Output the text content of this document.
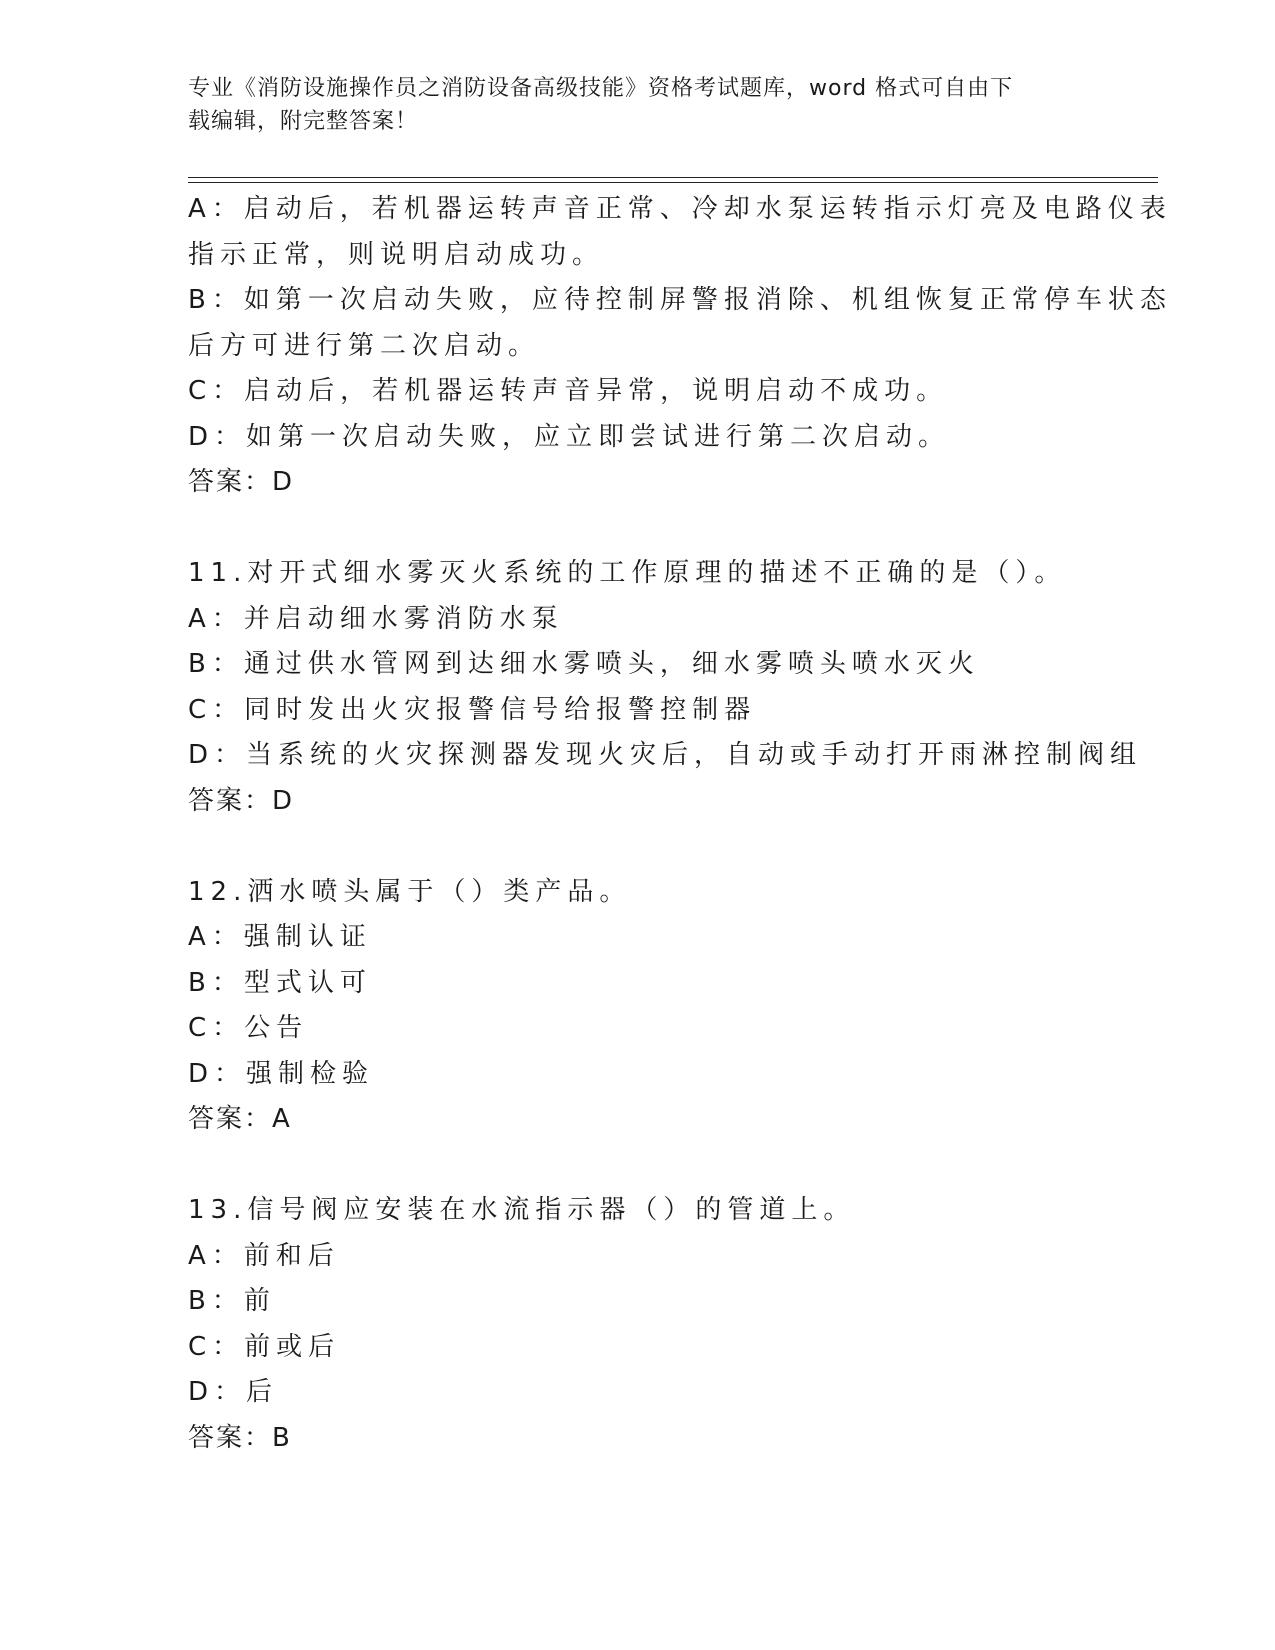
专业《消防设施操作员之消防设备高级技能》资格考试题库，word 格式可自由下
载编辑，附完整答案！
A：启动后，若机器运转声音正常、冷却水泵运转指示灯亮及电路仪表
指示正常，则说明启动成功。
B：如第一次启动失败，应待控制屏警报消除、机组恢复正常停车状态
后方可进行第二次启动。
C：启动后，若机器运转声音异常，说明启动不成功。
D：如第一次启动失败，应立即尝试进行第二次启动。
答案：D
11.对开式细水雾灭火系统的工作原理的描述不正确的是（）。
A：并启动细水雾消防水泵
B：通过供水管网到达细水雾喷头，细水雾喷头喷水灭火
C：同时发出火灾报警信号给报警控制器
D：当系统的火灾探测器发现火灾后，自动或手动打开雨淋控制阀组
答案：D
12.洒水喷头属于（）类产品。
A：强制认证
B：型式认可
C：公告
D：强制检验
答案：A
13.信号阀应安装在水流指示器（）的管道上。
A：前和后
B：前
C：前或后
D：后
答案：B
